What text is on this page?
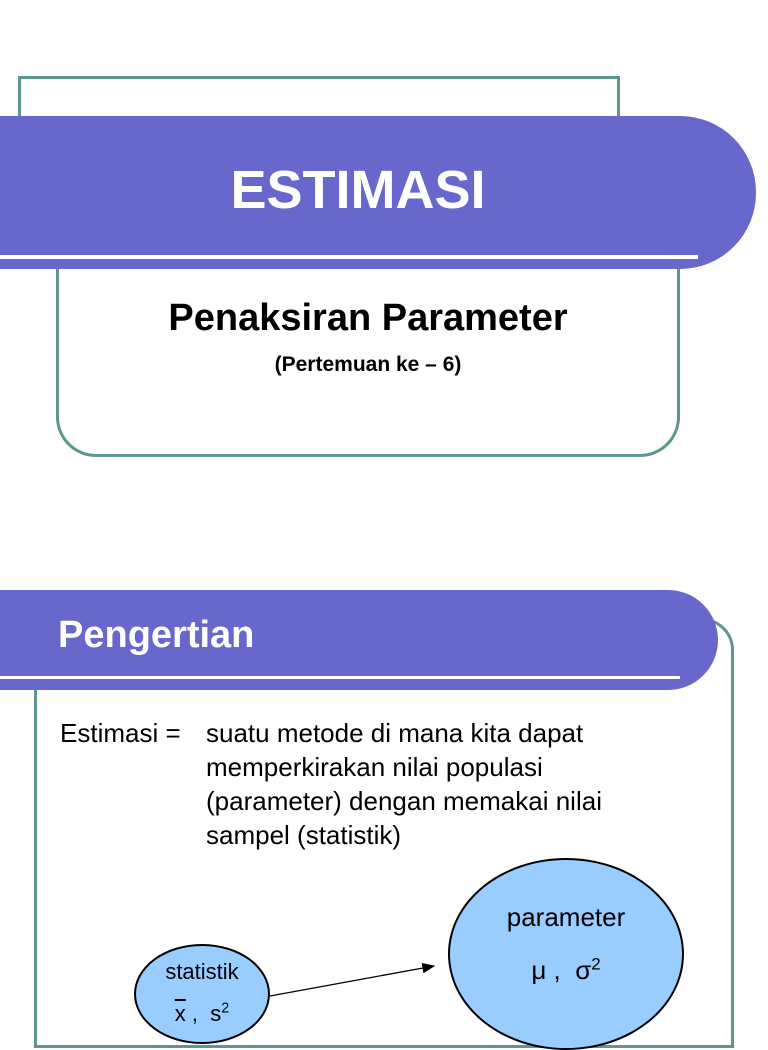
ESTIMASI
Penaksiran Parameter
(Pertemuan ke – 6)
Pengertian
Estimasi = suatu metode di mana kita dapat
memperkirakan nilai populasi
(parameter) dengan memakai nilai
sampel (statistik)
parameter
μ , $\sigma^2$
statistik
$\overline{x}$ , $s^2$
